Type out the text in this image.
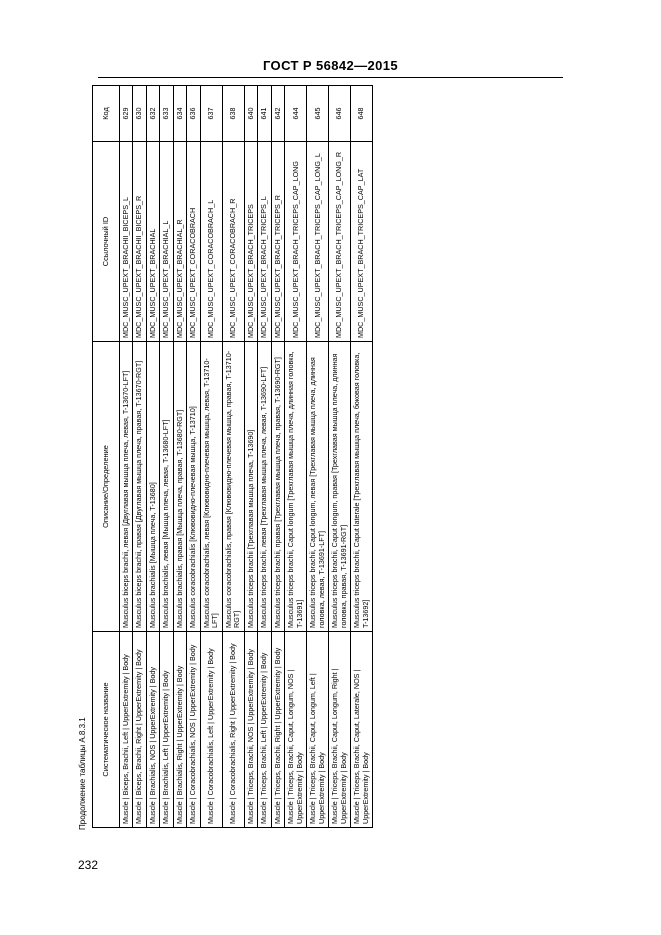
ГОСТ Р 56842—2015
Продолжение таблицы А.8.3.1
232
Систематическое название	Описание/Определение	Ссылочный ID	Код
Muscle | Biceps, Brachii, Left | UpperExtremity | Body	Musculus biceps brachii, левая [Двуглавая мышца плеча, левая, T-13670-LFT]	MDC_MUSC_UPEXT_BRACHII_BICEPS_L	629
Muscle | Biceps, Brachii, Right | UpperExtremity | Body	Musculus biceps brachii, правая [Двуглавая мышца плеча, правая, T-13670-RGT]	MDC_MUSC_UPEXT_BRACHII_BICEPS_R	630
Muscle | Brachialis, NOS | UpperExtremity | Body	Musculus brachialis [Мышца плеча, T-13680]	MDC_MUSC_UPEXT_BRACHIAL	632
Muscle | Brachialis, Left | UpperExtremity | Body	Musculus brachialis, левая [Мышца плеча, левая, T-13680-LFT]	MDC_MUSC_UPEXT_BRACHIAL_L	633
Muscle | Brachialis, Right | UpperExtremity | Body	Musculus brachialis, правая [Мышца плеча, правая, T-13680-RGT]	MDC_MUSC_UPEXT_BRACHIAL_R	634
Muscle | Coracobrachialis, NOS | UpperExtremity | Body	Musculus coracobrachialis [Клювовидно-плечевая мышца, T-13710]	MDC_MUSC_UPEXT_CORACOBRACH	636
Muscle | Coracobrachialis, Left | UpperExtremity | Body	Musculus coracobrachialis, левая [Клювовидно-плечевая мышца, левая, T-13710-LFT]	MDC_MUSC_UPEXT_CORACOBRACH_L	637
Muscle | Coracobrachialis, Right | UpperExtremity | Body	Musculus coracobrachialis, правая [Клювовидно-плечевая мышца, правая, T-13710-RGT]	MDC_MUSC_UPEXT_CORACOBRACH_R	638
Muscle | Triceps, Brachii, NOS | UpperExtremity | Body	Musculus triceps brachii [Трехглавая мышца плеча, T-13690]	MDC_MUSC_UPEXT_BRACH_TRICEPS	640
Muscle | Triceps, Brachii, Left | UpperExtremity | Body	Musculus triceps brachii, левая [Трехглавая мышца плеча, левая, T-13690-LFT]	MDC_MUSC_UPEXT_BRACH_TRICEPS_L	641
Muscle | Triceps, Brachii, Right | UpperExtremity | Body	Musculus triceps brachii, правая [Трехглавая мышца плеча, правая, T-13690-RGT]	MDC_MUSC_UPEXT_BRACH_TRICEPS_R	642
Muscle | Triceps, Brachii, Caput, Longum, NOS | UpperExtremity | Body	Musculus triceps brachii, Caput longum [Трехглавая мышца плеча, длинная головка, T-13691]	MDC_MUSC_UPEXT_BRACH_TRICEPS_CAP_LONG	644
Muscle | Triceps, Brachii, Caput, Longum, Left | UpperExtremity | Body	Musculus triceps brachii, Caput longum, левая [Трехглавая мышца плеча, длинная головка, левая, T-13691-LFT]	MDC_MUSC_UPEXT_BRACH_TRICEPS_CAP_LONG_L	645
Muscle | Triceps, Brachii, Caput, Longum, Right | UpperExtremity | Body	Musculus triceps brachii, Caput longum, правая [Трехглавая мышца плеча, длинная головка, правая, T-13691-RGT]	MDC_MUSC_UPEXT_BRACH_TRICEPS_CAP_LONG_R	646
Muscle | Triceps, Brachii, Caput, Laterale, NOS | UpperExtremity | Body	Musculus triceps brachii, Caput laterale [Трехглавая мышца плеча, боковая головка, T-13692]	MDC_MUSC_UPEXT_BRACH_TRICEPS_CAP_LAT	648
